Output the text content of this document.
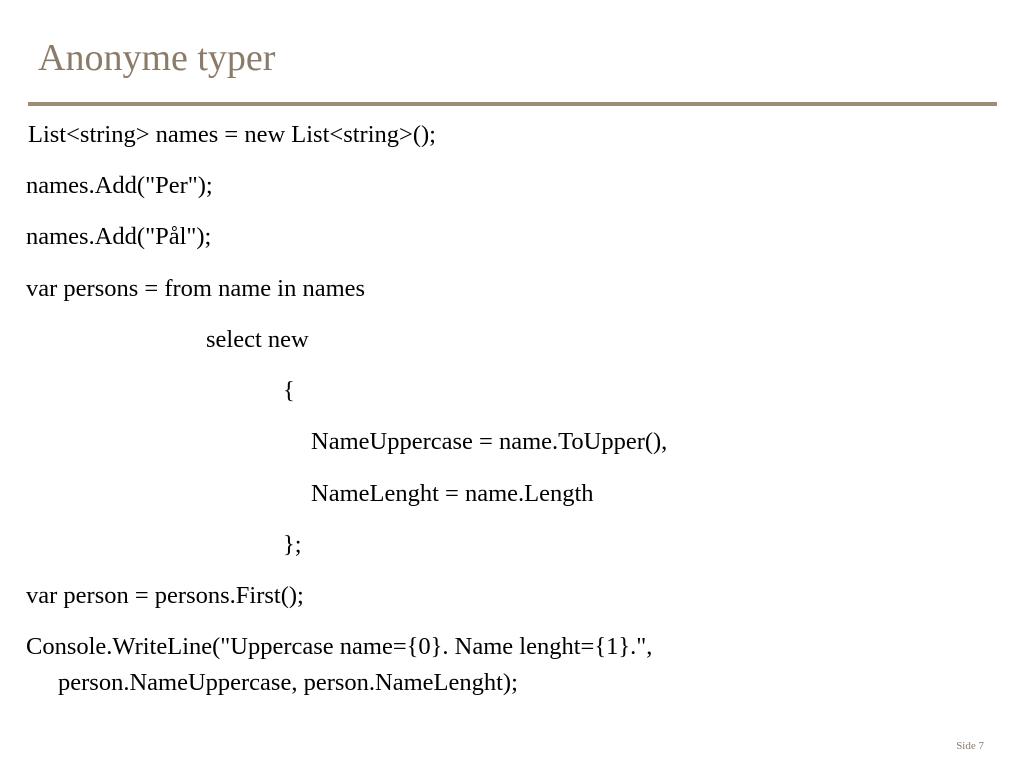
Anonyme typer
List<string> names = new List<string>();
names.Add("Per");
names.Add("Pål");
var persons = from name in names
select new
{
NameUppercase = name.ToUpper(),
NameLenght = name.Length
};
var person = persons.First();
Console.WriteLine("Uppercase name={0}. Name lenght={1}.",
person.NameUppercase, person.NameLenght);
Side 7
